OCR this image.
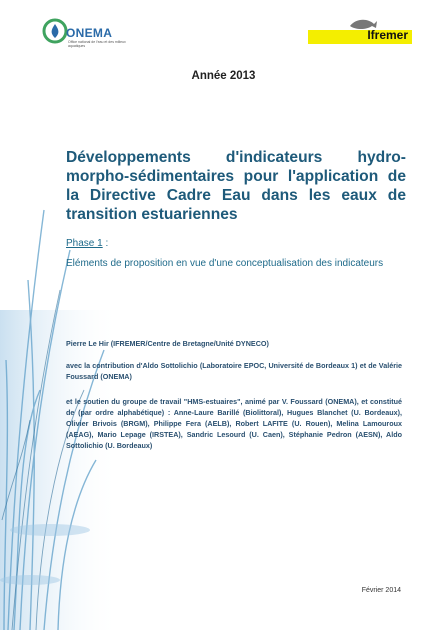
ONEMA
Office national de l'eau et des milieux aquatiques
Ifremer
Année 2013
Développements d'indicateurs hydro-morpho-sédimentaires pour l'application de la Directive Cadre Eau dans les eaux de transition estuariennes
Phase 1 :
Eléments de proposition en vue d'une conceptualisation des indicateurs
Pierre Le Hir (IFREMER/Centre de Bretagne/Unité DYNECO)
avec la contribution d'Aldo Sottolichio (Laboratoire EPOC, Université de Bordeaux 1) et de Valérie Foussard (ONEMA)
et le soutien du groupe de travail "HMS-estuaires", animé par V. Foussard (ONEMA), et constitué de (par ordre alphabétique) : Anne-Laure Barillé (Biolittoral), Hugues Blanchet (U. Bordeaux), Olivier Brivois (BRGM), Philippe Fera (AELB), Robert LAFITE (U. Rouen), Melina Lamouroux (AEAG), Mario Lepage (IRSTEA), Sandric Lesourd (U. Caen), Stéphanie Pedron (AESN), Aldo Sottolichio (U. Bordeaux)
Février 2014
